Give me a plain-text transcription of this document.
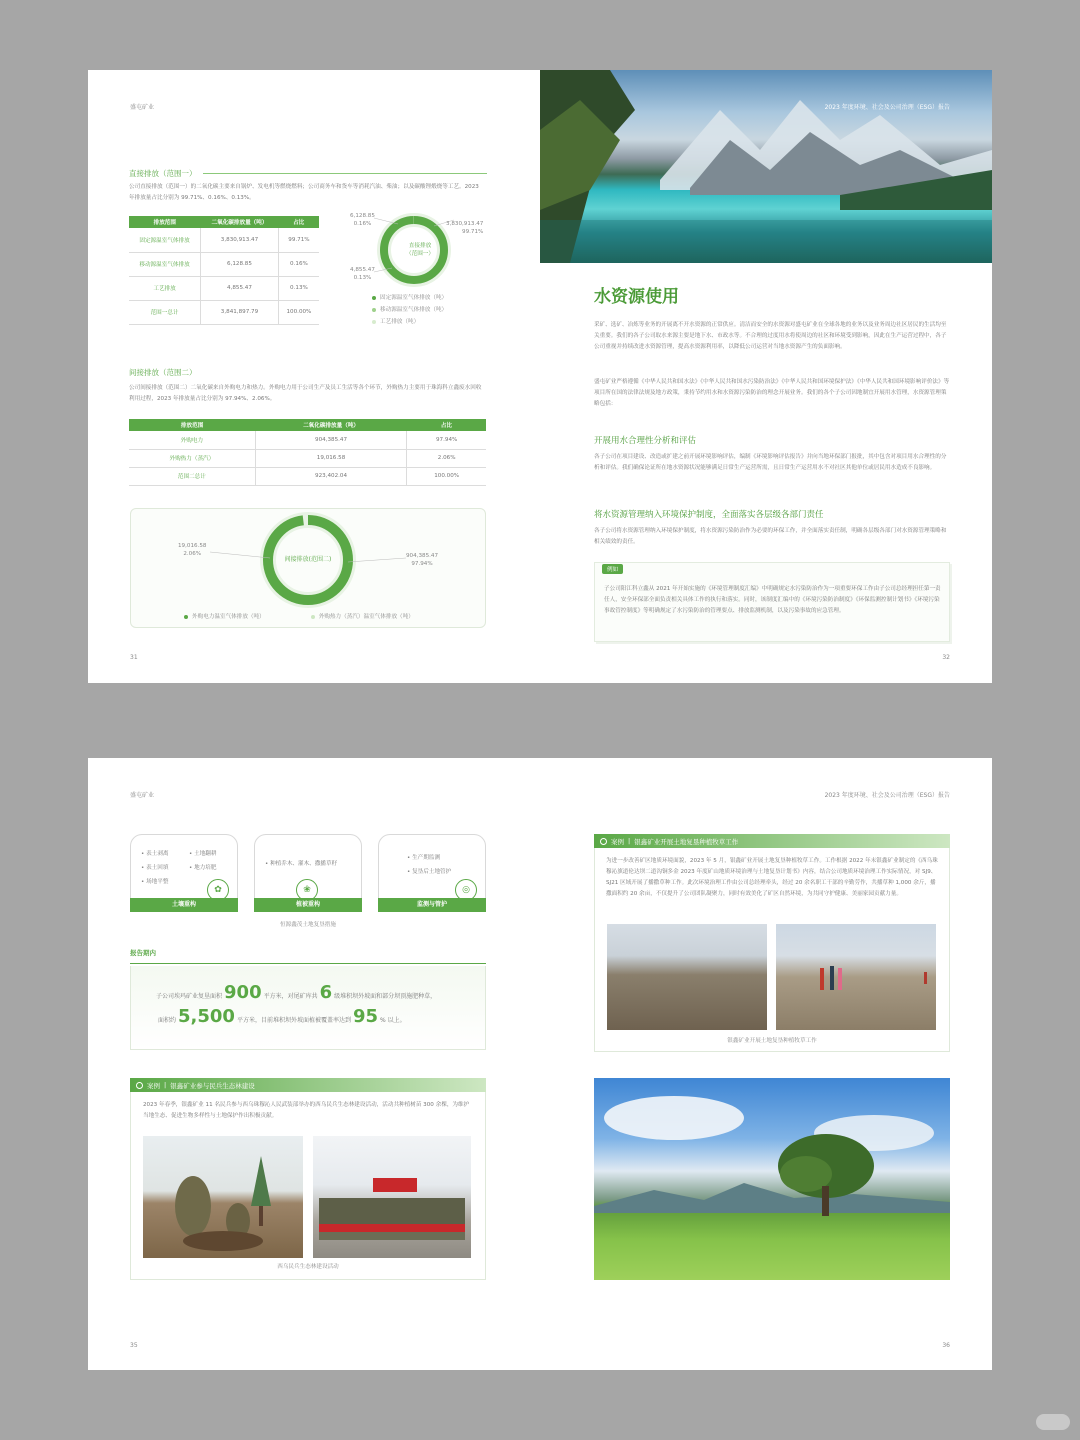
盛屯矿业
直接排放（范围一）
公司直接排放（范围一）的二氧化碳主要来自锅炉、发电机等燃烧燃料；公司商务车和货车等消耗汽油、柴油；以及碳酸锂煅烧等工艺。2023 年排放量占比分别为 99.71%、0.16%、0.13%。
排放范围	二氧化碳排放量（吨）	占比
固定源温室气体排放	3,830,913.47	99.71%
移动源温室气体排放	6,128.85	0.16%
工艺排放	4,855.47	0.13%
范围一总计	3,841,897.79	100.00%
直接排放
（范围一）
6,128.85
0.16%	3,830,913.47
99.71%
4,855.47
0.13%
固定源温室气体排放（吨）
移动源温室气体排放（吨）
工艺排放（吨）
间接排放（范围二）
公司间接排放（范围二）二氧化碳来自外购电力和热力。外购电力用于公司生产及员工生活等各个环节，外购热力主要用于珠海科立鑫废水回收利用过程，2023 年排放量占比分别为 97.94%、2.06%。
排放范围	二氧化碳排放量（吨）	占比
外购电力	904,385.47	97.94%
外购热力（蒸汽）	19,016.58	2.06%
范围二总计	923,402.04	100.00%
间接排放(范围二)
19,016.58
2.06%	904,385.47
97.94%
外购电力温室气体排放（吨）	外购热力（蒸汽）温室气体排放（吨）
31
2023 年度环境、社会及公司治理（ESG）报告
水资源使用
采矿、选矿、冶炼等业务的开展离不开水资源的正常供应。清洁而安全的水资源对盛屯矿业在全球各地的业务以及业务周边社区居民的生活均至关重要。我们的各子公司取水来源主要是地下水、市政水等。不合理的过度用水将使周边的社区和环境受到影响，因此在生产运营过程中，各子公司重视并持续改进水资源管理，提高水资源利用率，以降低公司运营对当地水资源产生的负面影响。
盛屯矿业严格遵循《中华人民共和国水法》《中华人民共和国水污染防治法》《中华人民共和国环境保护法》《中华人民共和国环境影响评价法》等项目所在国的法律法规及地方政策，秉持节约用水和水资源污染防治的理念开展业务。我们的各个子公司因地制宜开展用水管理，水资源管理策略包括：
开展用水合理性分析和评估
各子公司在项目建设、改造或扩建之前开展环境影响评估，编制《环境影响评估报告》并向当地环保部门报批，其中包含对项目用水合理性的分析和评估。我们确保论证所在地水资源状况能够满足日常生产运营所需，且日常生产运营用水不对社区其他单位或居民用水造成不良影响。
将水资源管理纳入环境保护制度，全面落实各层级各部门责任
各子公司将水资源管理纳入环境保护制度，将水资源污染防治作为必要的环保工作，并全面落实责任制，明确各层级各部门对水资源管理策略和相关绩效的责任。
例如
子公司阳江科立鑫从 2021 年开始实施的《环境管理制度汇编》中明确规定水污染防治作为一项重要环保工作由子公司总经理担任第一责任人，安全环保部全面负责相关具体工作的执行和落实。同时，该制度汇编中的《环境污染防治制度》《环保监测控制计划书》《环境污染事故管控制度》等明确规定了水污染防治的管理要点、排放监测机制，以及污染事故的应急管理。
32
盛屯矿业
• 表土剥离	• 土地翻耕
• 表土回填	• 地力培肥
• 场地平整
✿
土壤重构
• 种植乔木、灌木、撒播草籽
❀
植被重构
• 生产期监测
• 复垦后土地管护
◎
监测与管护
恒源鑫茂土地复垦措施
报告期内
子公司埃玛矿业复垦面积 900 平方米，对尾矿库共 6 级堆积坝外坡面和部分坝顶施肥种草，
面积约 5,500 平方米，目前堆积坝外坡面植被覆盖率达到 95 % 以上。
案例 | 银鑫矿业参与民兵生态林建设
2023 年春季，银鑫矿业 11 名民兵参与西乌珠穆沁人民武装部举办的西乌民兵生态林建设活动，活动共种植树苗 300 余棵，为维护当地生态、促进生物多样性与土地保护作出积极贡献。
西乌民兵生态林建设活动
35
2023 年度环境、社会及公司治理（ESG）报告
案例 | 银鑫矿业开展土地复垦种植牧草工作
为进一步改善矿区地质环境面貌，2023 年 5 月，银鑫矿业开展土地复垦种植牧草工作。工作根据 2022 年末银鑫矿业制定的《西乌珠穆沁旗道伦达坝二道沟铜多金 2023 年度矿山地质环境治理与土地复垦计划书》内容，结合公司地质环境治理工作实际情况，对 SJ9、SJ21 区域开展了播撒草种工作。此次环境治理工作由公司总经理牵头，经过 20 余名职工干部的辛勤劳作，共播草种 1,000 余斤，播撒面积约 20 余亩，不仅提升了公司团队凝聚力，同时有效美化了矿区自然环境，为共同守护健康、美丽家园贡献力量。
银鑫矿业开展土地复垦种植牧草工作
36
